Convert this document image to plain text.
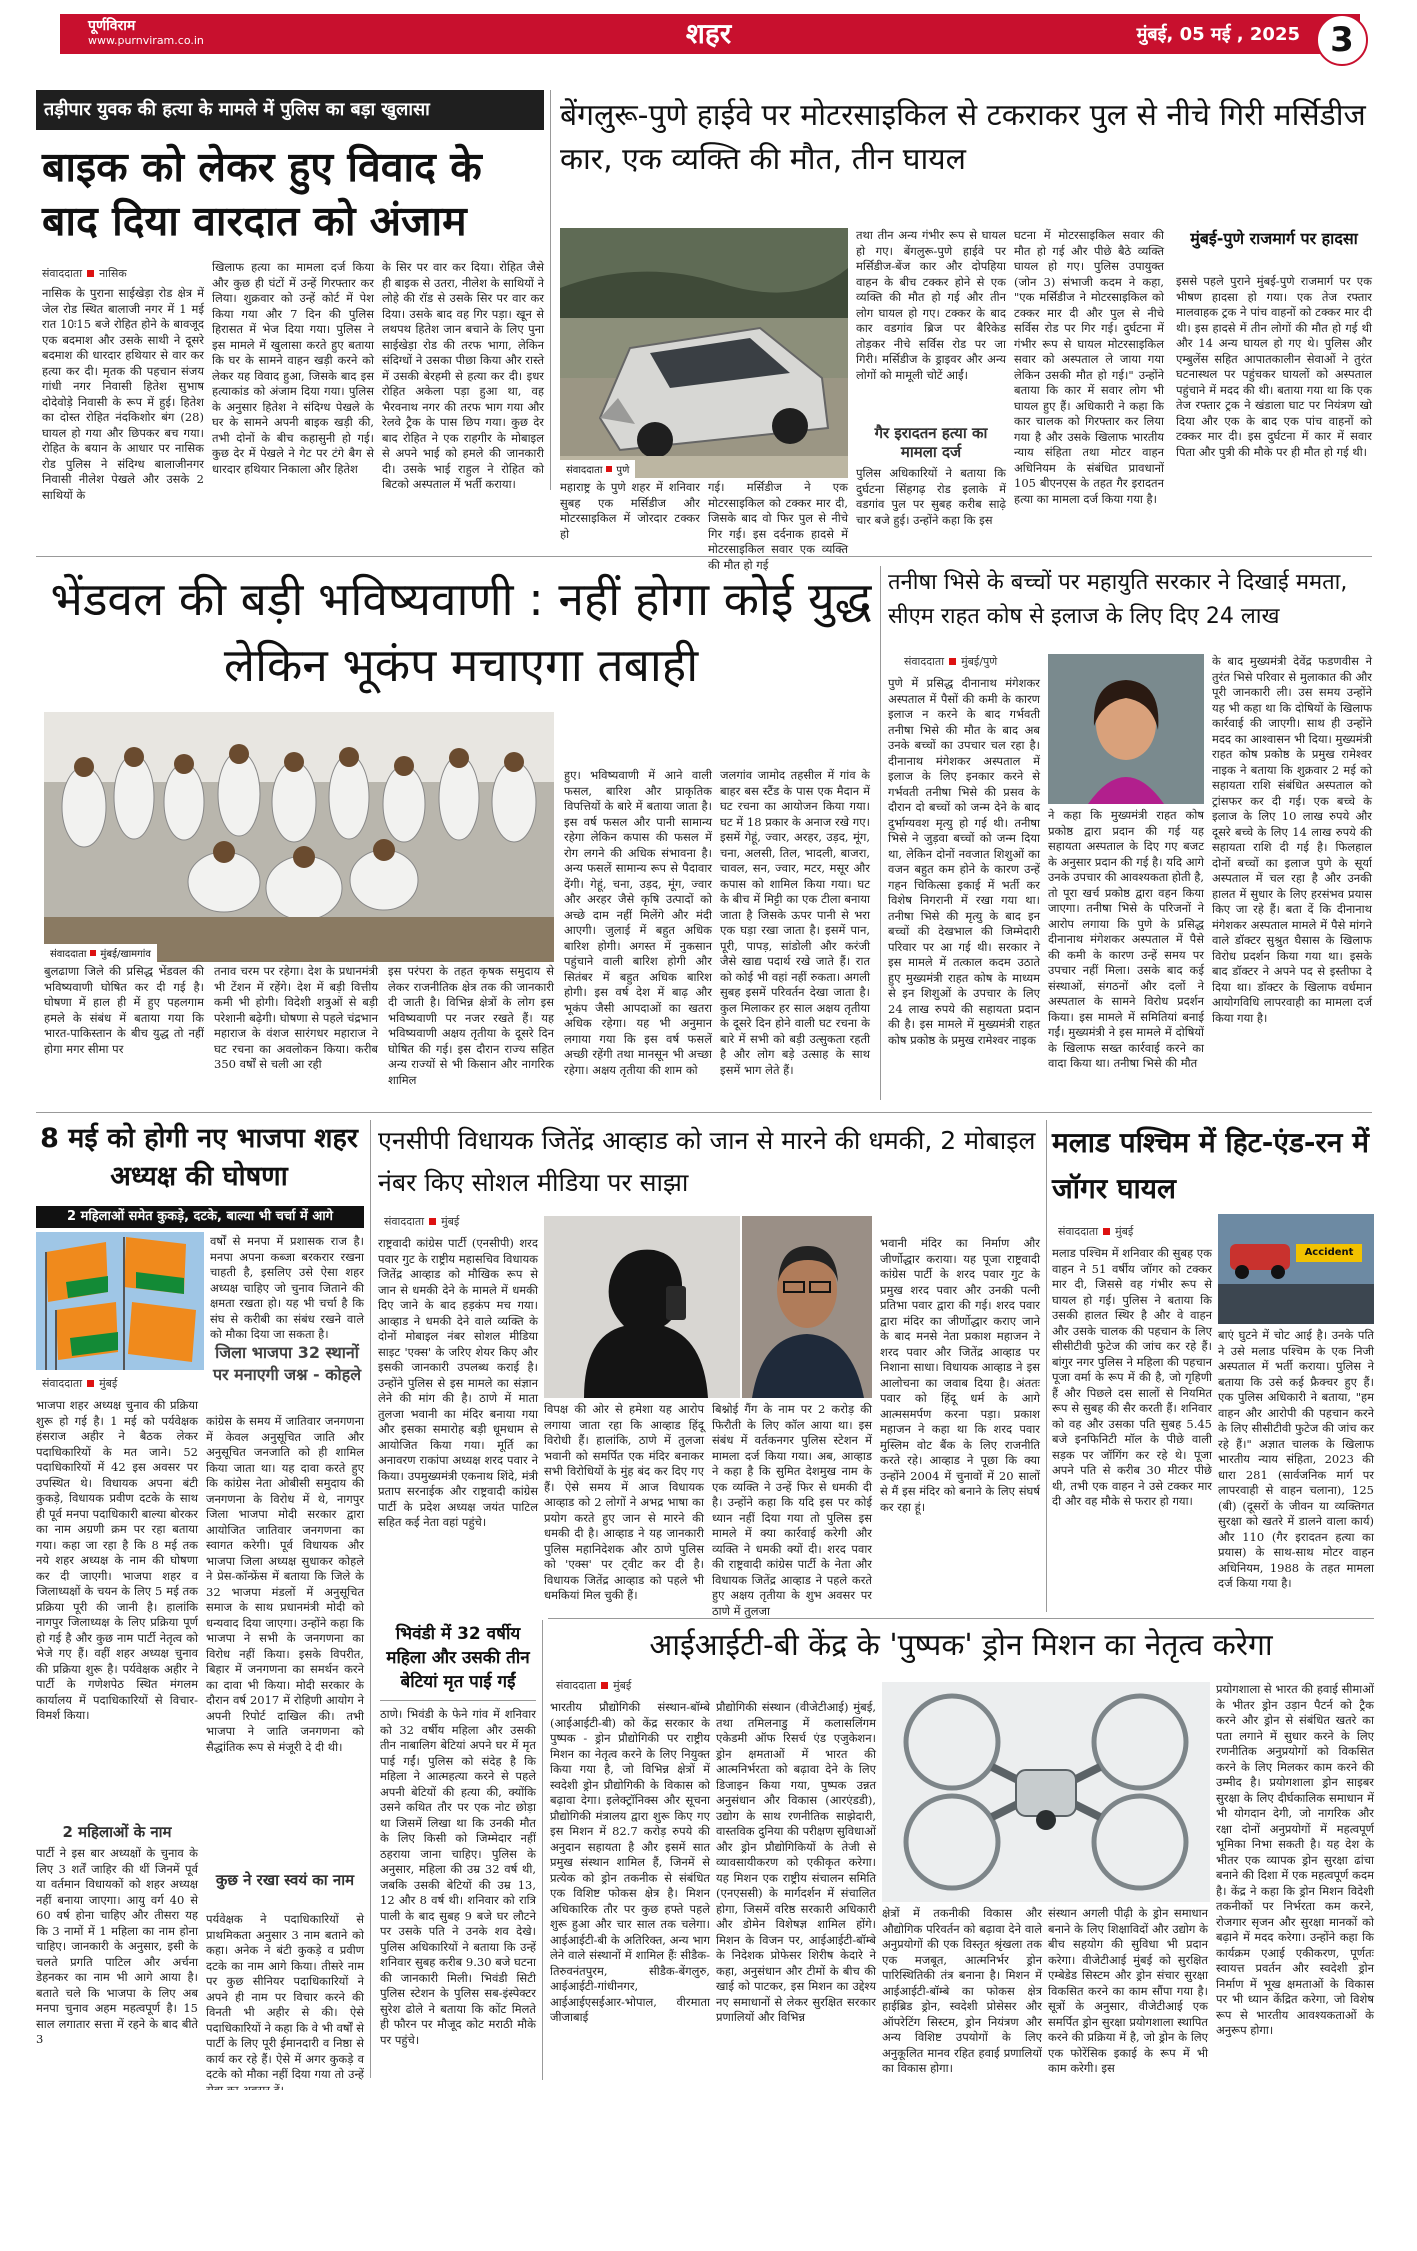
पूर्णविराम
www.purnviram.co.in	शहर	मुंबई, 05 मई , 2025 3
तड़ीपार युवक की हत्या के मामले में पुलिस का बड़ा खुलासा
बाइक को लेकर हुए विवाद के बाद दिया वारदात को अंजाम
संवाददाता नासिक
नासिक के पुराना साईखेड़ा रोड क्षेत्र में जेल रोड स्थित बालाजी नगर में 1 मई रात 10ः15 बजे रोहित होने के बावजूद एक बदमाश और उसके साथी ने दूसरे बदमाश की धारदार हथियार से वार कर हत्या कर दी। मृतक की पहचान संजय गांधी नगर निवासी हितेश सुभाष दोदेवोड़े निवासी के रूप में हुई। हितेश का दोस्त रोहित नंदकिशोर बंग (28) घायल हो गया और छिपकर बच गया। रोहित के बयान के आधार पर नासिक रोड पुलिस ने संदिग्ध बालाजीनगर निवासी नीलेश पेखले और उसके 2 साथियों के
खिलाफ हत्या का मामला दर्ज किया और कुछ ही घंटों में उन्हें गिरफ्तार कर लिया। शुक्रवार को उन्हें कोर्ट में पेश किया गया और 7 दिन की पुलिस हिरासत में भेज दिया गया। पुलिस ने इस मामले में खुलासा करते हुए बताया कि घर के सामने वाहन खड़ी करने को लेकर यह विवाद हुआ, जिसके बाद इस हत्याकांड को अंजाम दिया गया। पुलिस के अनुसार हितेश ने संदिग्ध पेखले के घर के सामने अपनी बाइक खड़ी की, तभी दोनों के बीच कहासुनी हो गई। कुछ देर में पेखले ने गेट पर टंगे बैग से धारदार हथियार निकाला और हितेश
के सिर पर वार कर दिया। रोहित जैसे ही बाइक से उतरा, नीलेश के साथियों ने लोहे की रॉड से उसके सिर पर वार कर दिया। उसके बाद वह गिर पड़ा। खून से लथपथ हितेश जान बचाने के लिए पुना साईखेड़ा रोड की तरफ भागा, लेकिन संदिग्धों ने उसका पीछा किया और रास्ते में उसकी बेरहमी से हत्या कर दी। इधर रोहित अकेला पड़ा हुआ था, वह भैरवनाथ नगर की तरफ भाग गया और रेलवे ट्रैक के पास छिप गया। कुछ देर बाद रोहित ने एक राहगीर के मोबाइल से अपने भाई को हमले की जानकारी दी। उसके भाई राहुल ने रोहित को बिटको अस्पताल में भर्ती कराया।
बेंगलुरू-पुणे हाईवे पर मोटरसाइकिल से टकराकर पुल से नीचे गिरी मर्सिडीज कार, एक व्यक्ति की मौत, तीन घायल
संवाददाता पुणे
महाराष्ट्र के पुणे शहर में शनिवार सुबह एक मर्सिडीज और मोटरसाइकिल में जोरदार टक्कर हो
गई। मर्सिडीज ने एक मोटरसाइकिल को टक्कर मार दी, जिसके बाद वो फिर पुल से नीचे गिर गई। इस दर्दनाक हादसे में मोटरसाइकिल सवार एक व्यक्ति की मौत हो गई
तथा तीन अन्य गंभीर रूप से घायल हो गए। बेंगलुरू-पुणे हाईवे पर मर्सिडीज-बेंज कार और दोपहिया वाहन के बीच टक्कर होने से एक व्यक्ति की मौत हो गई और तीन लोग घायल हो गए। टक्कर के बाद कार वडगांव ब्रिज पर बैरिकेड तोड़कर नीचे सर्विस रोड पर जा गिरी। मर्सिडीज के ड्राइवर और अन्य लोगों को मामूली चोटें आईं।
गैर इरादतन हत्या का मामला दर्ज
पुलिस अधिकारियों ने बताया कि दुर्घटना सिंहगढ़ रोड इलाके में वडगांव पुल पर सुबह करीब साढ़े चार बजे हुई। उन्होंने कहा कि इस
घटना में मोटरसाइकिल सवार की मौत हो गई और पीछे बैठे व्यक्ति घायल हो गए। पुलिस उपायुक्त (जोन 3) संभाजी कदम ने कहा, "एक मर्सिडीज ने मोटरसाइकिल को टक्कर मार दी और पुल से नीचे सर्विस रोड पर गिर गई। दुर्घटना में गंभीर रूप से घायल मोटरसाइकिल सवार को अस्पताल ले जाया गया लेकिन उसकी मौत हो गई।" उन्होंने बताया कि कार में सवार लोग भी घायल हुए हैं। अधिकारी ने कहा कि कार चालक को गिरफ्तार कर लिया गया है और उसके खिलाफ भारतीय न्याय संहिता तथा मोटर वाहन अधिनियम के संबंधित प्रावधानों 105 बीएनएस के तहत गैर इरादतन हत्या का मामला दर्ज किया गया है।
मुंबई-पुणे राजमार्ग पर हादसा
इससे पहले पुराने मुंबई-पुणे राजमार्ग पर एक भीषण हादसा हो गया। एक तेज रफ्तार मालवाहक ट्रक ने पांच वाहनों को टक्कर मार दी थी। इस हादसे में तीन लोगों की मौत हो गई थी और 14 अन्य घायल हो गए थे। पुलिस और एम्बुलेंस सहित आपातकालीन सेवाओं ने तुरंत घटनास्थल पर पहुंचकर घायलों को अस्पताल पहुंचाने में मदद की थी। बताया गया था कि एक तेज रफ्तार ट्रक ने खंडाला घाट पर नियंत्रण खो दिया और एक के बाद एक पांच वाहनों को टक्कर मार दी। इस दुर्घटना में कार में सवार पिता और पुत्री की मौके पर ही मौत हो गई थी।
भेंडवल की बड़ी भविष्यवाणी : नहीं होगा कोई युद्ध लेकिन भूकंप मचाएगा तबाही
संवाददाता मुंबई/खामगांव
बुलढाणा जिले की प्रसिद्ध भेंडवल की भविष्यवाणी घोषित कर दी गई है। घोषणा में हाल ही में हुए पहलगाम हमले के संबंध में बताया गया कि भारत-पाकिस्तान के बीच युद्ध तो नहीं होगा मगर सीमा पर
तनाव चरम पर रहेगा। देश के प्रधानमंत्री भी टेंशन में रहेंगे। देश में बड़ी वित्तीय कमी भी होगी। विदेशी शत्रुओं से बड़ी परेशानी बढ़ेगी। घोषणा से पहले चंद्रभान महाराज के वंशज सारंगधर महाराज ने घट रचना का अवलोकन किया। करीब 350 वर्षों से चली आ रही
इस परंपरा के तहत कृषक समुदाय से लेकर राजनीतिक क्षेत्र तक की जानकारी दी जाती है। विभिन्न क्षेत्रों के लोग इस भविष्यवाणी पर नजर रखते हैं। यह भविष्यवाणी अक्षय तृतीया के दूसरे दिन घोषित की गई। इस दौरान राज्य सहित अन्य राज्यों से भी किसान और नागरिक शामिल
हुए। भविष्यवाणी में आने वाली फसल, बारिश और प्राकृतिक विपत्तियों के बारे में बताया जाता है। इस वर्ष फसल और पानी सामान्य रहेगा लेकिन कपास की फसल में रोग लगने की अधिक संभावना है। अन्य फसलें सामान्य रूप से पैदावार देंगी। गेहूं, चना, उड़द, मूंग, ज्वार और अरहर जैसे कृषि उत्पादों को अच्छे दाम नहीं मिलेंगे और मंदी आएगी। जुलाई में बहुत अधिक बारिश होगी। अगस्त में नुकसान पहुंचाने वाली बारिश होगी और सितंबर में बहुत अधिक बारिश होगी। इस वर्ष देश में बाढ़ और भूकंप जैसी आपदाओं का खतरा अधिक रहेगा। यह भी अनुमान लगाया गया कि इस वर्ष फसलें अच्छी रहेंगी तथा मानसून भी अच्छा रहेगा। अक्षय तृतीया की शाम को
जलगांव जामोद तहसील में गांव के बाहर बस स्टैंड के पास एक मैदान में घट रचना का आयोजन किया गया। घट में 18 प्रकार के अनाज रखे गए। इसमें गेहूं, ज्वार, अरहर, उड़द, मूंग, चना, अलसी, तिल, भादली, बाजरा, चावल, सन, ज्वार, मटर, मसूर और कपास को शामिल किया गया। घट के बीच में मिट्टी का एक टीला बनाया जाता है जिसके ऊपर पानी से भरा एक घड़ा रखा जाता है। इसमें पान, पूरी, पापड़, सांडोली और करंजी जैसे खाद्य पदार्थ रखे जाते हैं। रात को कोई भी वहां नहीं रुकता। अगली सुबह इसमें परिवर्तन देखा जाता है। कुल मिलाकर हर साल अक्षय तृतीया के दूसरे दिन होने वाली घट रचना के बारे में सभी को बड़ी उत्सुकता रहती है और लोग बड़े उत्साह के साथ इसमें भाग लेते हैं।
तनीषा भिसे के बच्चों पर महायुति सरकार ने दिखाई ममता, सीएम राहत कोष से इलाज के लिए दिए 24 लाख
संवाददाता मुंबई/पुणे
पुणे में प्रसिद्ध दीनानाथ मंगेशकर अस्पताल में पैसों की कमी के कारण इलाज न करने के बाद गर्भवती तनीषा भिसे की मौत के बाद अब उनके बच्चों का उपचार चल रहा है। दीनानाथ मंगेशकर अस्पताल में इलाज के लिए इनकार करने से गर्भवती तनीषा भिसे की प्रसव के दौरान दो बच्चों को जन्म देने के बाद दुर्भाग्यवश मृत्यु हो गई थी। तनीषा भिसे ने जुड़वा बच्चों को जन्म दिया था, लेकिन दोनों नवजात शिशुओं का वजन बहुत कम होने के कारण उन्हें गहन चिकित्सा इकाई में भर्ती कर विशेष निगरानी में रखा गया था। तनीषा भिसे की मृत्यु के बाद इन बच्चों की देखभाल की जिम्मेदारी परिवार पर आ गई थी। सरकार ने इस मामले में तत्काल कदम उठाते हुए मुख्यमंत्री राहत कोष के माध्यम से इन शिशुओं के उपचार के लिए 24 लाख रुपये की सहायता प्रदान की है। इस मामले में मुख्यमंत्री राहत कोष प्रकोष्ठ के प्रमुख रामेश्वर नाइक
ने कहा कि मुख्यमंत्री राहत कोष प्रकोष्ठ द्वारा प्रदान की गई यह सहायता अस्पताल के दिए गए बजट के अनुसार प्रदान की गई है। यदि आगे उनके उपचार की आवश्यकता होती है, तो पूरा खर्च प्रकोष्ठ द्वारा वहन किया जाएगा। तनीषा भिसे के परिजनों ने आरोप लगाया कि पुणे के प्रसिद्ध दीनानाथ मंगेशकर अस्पताल में पैसे की कमी के कारण उन्हें समय पर उपचार नहीं मिला। उसके बाद कई संस्थाओं, संगठनों और दलों ने अस्पताल के सामने विरोध प्रदर्शन किया। इस मामले में समितियां बनाई गईं। मुख्यमंत्री ने इस मामले में दोषियों के खिलाफ सख्त कार्रवाई करने का वादा किया था। तनीषा भिसे की मौत
के बाद मुख्यमंत्री देवेंद्र फडणवीस ने तुरंत भिसे परिवार से मुलाकात की और पूरी जानकारी ली। उस समय उन्होंने यह भी कहा था कि दोषियों के खिलाफ कार्रवाई की जाएगी। साथ ही उन्होंने मदद का आश्वासन भी दिया। मुख्यमंत्री राहत कोष प्रकोष्ठ के प्रमुख रामेश्वर नाइक ने बताया कि शुक्रवार 2 मई को सहायता राशि संबंधित अस्पताल को ट्रांसफर कर दी गई। एक बच्चे के इलाज के लिए 10 लाख रुपये और दूसरे बच्चे के लिए 14 लाख रुपये की सहायता राशि दी गई है। फिलहाल दोनों बच्चों का इलाज पुणे के सूर्या अस्पताल में चल रहा है और उनकी हालत में सुधार के लिए हरसंभव प्रयास किए जा रहे हैं। बता दें कि दीनानाथ मंगेशकर अस्पताल मामले में पैसे मांगने वाले डॉक्टर सुश्रुत घैसास के खिलाफ विरोध प्रदर्शन किया गया था। इसके बाद डॉक्टर ने अपने पद से इस्तीफा दे दिया था। डॉक्टर के खिलाफ वर्धमान आयोगविधि लापरवाही का मामला दर्ज किया गया है।
8 मई को होगी नए भाजपा शहर अध्यक्ष की घोषणा
2 महिलाओं समेत कुकड़े, दटके, बाल्या भी चर्चा में आगे
वर्षों से मनपा में प्रशासक राज है। मनपा अपना कब्जा बरकरार रखना चाहती है, इसलिए उसे ऐसा शहर अध्यक्ष चाहिए जो चुनाव जिताने की क्षमता रखता हो। यह भी चर्चा है कि संघ से करीबी का संबंध रखने वाले को मौका दिया जा सकता है।
जिला भाजपा 32 स्थानों पर मनाएगी जश्न - कोहले
संवाददाता मुंबई
भाजपा शहर अध्यक्ष चुनाव की प्रक्रिया शुरू हो गई है। 1 मई को पर्यवेक्षक हंसराज अहीर ने बैठक लेकर पदाधिकारियों के मत जाने। 52 पदाधिकारियों में 42 इस अवसर पर उपस्थित थे। विधायक अपना बंटी कुकड़े, विधायक प्रवीण दटके के साथ ही पूर्व मनपा पदाधिकारी बाल्या बोरकर का नाम अग्रणी क्रम पर रहा बताया गया। कहा जा रहा है कि 8 मई तक नये शहर अध्यक्ष के नाम की घोषणा कर दी जाएगी। भाजपा शहर व जिलाध्यक्षों के चयन के लिए 5 मई तक प्रक्रिया पूरी की जानी है। हालांकि नागपुर जिलाध्यक्ष के लिए प्रक्रिया पूर्ण हो गई है और कुछ नाम पार्टी नेतृत्व को भेजे गए हैं। वहीं शहर अध्यक्ष चुनाव की प्रक्रिया शुरू है। पर्यवेक्षक अहीर ने पार्टी के गणेशपेठ स्थित मंगलम कार्यालय में पदाधिकारियों से विचार-विमर्श किया।
2 महिलाओं के नाम
पार्टी ने इस बार अध्यक्षों के चुनाव के लिए 3 शर्तें जाहिर की थीं जिनमें पूर्व या वर्तमान विधायकों को शहर अध्यक्ष नहीं बनाया जाएगा। आयु वर्ग 40 से 60 वर्ष होना चाहिए और तीसरा यह कि 3 नामों में 1 महिला का नाम होना चाहिए। जानकारी के अनुसार, इसी के चलते प्रगति पाटिल और अर्चना डेहनकर का नाम भी आगे आया है। बताते चले कि भाजपा के लिए अब मनपा चुनाव अहम महत्वपूर्ण है। 15 साल लगातार सत्ता में रहने के बाद बीते 3
कांग्रेस के समय में जातिवार जनगणना में केवल अनुसूचित जाति और अनुसूचित जनजाति को ही शामिल किया जाता था। यह दावा करते हुए कि कांग्रेस नेता ओबीसी समुदाय की जनगणना के विरोध में थे, नागपुर जिला भाजपा मोदी सरकार द्वारा आयोजित जातिवार जनगणना का स्वागत करेगी। पूर्व विधायक और भाजपा जिला अध्यक्ष सुधाकर कोहले ने प्रेस-कॉन्फ्रेंस में बताया कि जिले के 32 भाजपा मंडलों में अनुसूचित समाज के साथ प्रधानमंत्री मोदी को धन्यवाद दिया जाएगा। उन्होंने कहा कि भाजपा ने सभी के जनगणना का विरोध नहीं किया। इसके विपरीत, बिहार में जनगणना का समर्थन करने का दावा भी किया। मोदी सरकार के दौरान वर्ष 2017 में रोहिणी आयोग ने अपनी रिपोर्ट दाखिल की। तभी भाजपा ने जाति जनगणना को सैद्धांतिक रूप से मंजूरी दे दी थी।
कुछ ने रखा स्वयं का नाम
पर्यवेक्षक ने पदाधिकारियों से प्राथमिकता अनुसार 3 नाम बताने को कहा। अनेक ने बंटी कुकड़े व प्रवीण दटके का नाम आगे किया। तीसरे नाम पर कुछ सीनियर पदाधिकारियों ने अपने ही नाम पर विचार करने की विनती भी अहीर से की। ऐसे पदाधिकारियों ने कहा कि वे भी वर्षों से पार्टी के लिए पूरी ईमानदारी व निष्ठा से कार्य कर रहे हैं। ऐसे में अगर कुकड़े व दटके को मौका नहीं दिया गया तो उन्हें
एनसीपी विधायक जितेंद्र आव्हाड को जान से मारने की धमकी, 2 मोबाइल नंबर किए सोशल मीडिया पर साझा
संवाददाता मुंबई
राष्ट्रवादी कांग्रेस पार्टी (एनसीपी) शरद पवार गुट के राष्ट्रीय महासचिव विधायक जितेंद्र आव्हाड को मौखिक रूप से जान से धमकी देने के मामले में धमकी दिए जाने के बाद हड़कंप मच गया। आव्हाड ने धमकी देने वाले व्यक्ति के दोनों मोबाइल नंबर सोशल मीडिया साइट 'एक्स' के जरिए शेयर किए और इसकी जानकारी उपलब्ध कराई है। उन्होंने पुलिस से इस मामले का संज्ञान लेने की मांग की है। ठाणे में माता तुलजा भवानी का मंदिर बनाया गया और इसका समारोह बड़ी धूमधाम से आयोजित किया गया। मूर्ति का अनावरण राकांपा अध्यक्ष शरद पवार ने किया। उपमुख्यमंत्री एकनाथ शिंदे, मंत्री प्रताप सरनाईक और राष्ट्रवादी कांग्रेस पार्टी के प्रदेश अध्यक्ष जयंत पाटिल सहित कई नेता वहां पहुंचे।
विपक्ष की ओर से हमेशा यह आरोप लगाया जाता रहा कि आव्हाड हिंदू विरोधी हैं। हालांकि, ठाणे में तुलजा भवानी को समर्पित एक मंदिर बनाकर सभी विरोधियों के मुंह बंद कर दिए गए हैं। ऐसे समय में आज विधायक आव्हाड को 2 लोगों ने अभद्र भाषा का प्रयोग करते हुए जान से मारने की धमकी दी है। आव्हाड ने यह जानकारी पुलिस महानिदेशक और ठाणे पुलिस को 'एक्स' पर ट्वीट कर दी है। विधायक जितेंद्र आव्हाड को पहले भी धमकियां मिल चुकी हैं।
बिश्नोई गैंग के नाम पर 2 करोड़ की फिरौती के लिए कॉल आया था। इस संबंध में वर्तकनगर पुलिस स्टेशन में मामला दर्ज किया गया। अब, आव्हाड ने कहा है कि सुमित देशमुख नाम के एक व्यक्ति ने उन्हें फिर से धमकी दी है। उन्होंने कहा कि यदि इस पर कोई ध्यान नहीं दिया गया तो पुलिस इस मामले में क्या कार्रवाई करेगी और व्यक्ति ने धमकी क्यों दी। शरद पवार की राष्ट्रवादी कांग्रेस पार्टी के नेता और विधायक जितेंद्र आव्हाड ने पहले करते हुए अक्षय तृतीया के शुभ अवसर पर ठाणे में तुलजा
भवानी मंदिर का निर्माण और जीर्णोद्धार कराया। यह पूजा राष्ट्रवादी कांग्रेस पार्टी के शरद पवार गुट के प्रमुख शरद पवार और उनकी पत्नी प्रतिभा पवार द्वारा की गई। शरद पवार द्वारा मंदिर का जीर्णोद्धार कराए जाने के बाद मनसे नेता प्रकाश महाजन ने शरद पवार और जितेंद्र आव्हाड पर निशाना साधा। विधायक आव्हाड ने इस आलोचना का जवाब दिया है। अंततः पवार को हिंदू धर्म के आगे आत्मसमर्पण करना पड़ा। प्रकाश महाजन ने कहा था कि शरद पवार मुस्लिम वोट बैंक के लिए राजनीति करते रहे। आव्हाड ने पूछा कि क्या उन्होंने 2004 में चुनावों में 20 सालों से मैं इस मंदिर को बनाने के लिए संघर्ष कर रहा हूं।
मलाड पश्चिम में हिट-एंड-रन में जॉगर घायल
संवाददाता मुंबई
मलाड पश्चिम में शनिवार की सुबह एक वाहन ने 51 वर्षीय जॉगर को टक्कर मार दी, जिससे वह गंभीर रूप से घायल हो गई। पुलिस ने बताया कि उसकी हालत स्थिर है और वे वाहन और उसके चालक की पहचान के लिए सीसीटीवी फुटेज की जांच कर रहे हैं। बांगुर नगर पुलिस ने महिला की पहचान पूजा वर्मा के रूप में की है, जो गृहिणी हैं और पिछले दस सालों से नियमित रूप से सुबह की सैर करती हैं। शनिवार को वह और उसका पति सुबह 5.45 बजे इनफिनिटी मॉल के पीछे वाली सड़क पर जॉगिंग कर रहे थे। पूजा अपने पति से करीब 30 मीटर पीछे थी, तभी एक वाहन ने उसे टक्कर मार दी और वह मौके से फरार हो गया।
Accident
बाएं घुटने में चोट आई है। उनके पति ने उसे मलाड पश्चिम के एक निजी अस्पताल में भर्ती कराया। पुलिस ने बताया कि उसे कई फ्रैक्चर हुए हैं। एक पुलिस अधिकारी ने बताया, "हम वाहन और आरोपी की पहचान करने के लिए सीसीटीवी फुटेज की जांच कर रहे हैं।" अज्ञात चालक के खिलाफ भारतीय न्याय संहिता, 2023 की धारा 281 (सार्वजनिक मार्ग पर लापरवाही से वाहन चलाना), 125 (बी) (दूसरों के जीवन या व्यक्तिगत सुरक्षा को खतरे में डालने वाला कार्य) और 110 (गैर इरादतन हत्या का प्रयास) के साथ-साथ मोटर वाहन अधिनियम, 1988 के तहत मामला दर्ज किया गया है।
भिवंडी में 32 वर्षीय महिला और उसकी तीन बेटियां मृत पाई गईं
ठाणे। भिवंडी के फेने गांव में शनिवार को 32 वर्षीय महिला और उसकी तीन नाबालिग बेटियां अपने घर में मृत पाई गईं। पुलिस को संदेह है कि महिला ने आत्महत्या करने से पहले अपनी बेटियों की हत्या की, क्योंकि उसने कथित तौर पर एक नोट छोड़ा था जिसमें लिखा था कि उनकी मौत के लिए किसी को जिम्मेदार नहीं ठहराया जाना चाहिए। पुलिस के अनुसार, महिला की उम्र 32 वर्ष थी, जबकि उसकी बेटियों की उम्र 13, 12 और 8 वर्ष थी। शनिवार को रात्रि पाली के बाद सुबह 9 बजे घर लौटने पर उसके पति ने उनके शव देखे। पुलिस अधिकारियों ने बताया कि उन्हें शनिवार सुबह करीब 9.30 बजे घटना की जानकारी मिली। भिवंडी सिटी पुलिस स्टेशन के पुलिस सब-इंस्पेक्टर सुरेश ढोले ने बताया कि कोंट मिलते ही फौरन पर मौजूद कोट मराठी मौके पर पहुंचे।
आईआईटी-बी केंद्र के 'पुष्पक' ड्रोन मिशन का नेतृत्व करेगा
संवाददाता मुंबई
भारतीय प्रौद्योगिकी संस्थान-बॉम्बे (आईआईटी-बी) को केंद्र सरकार के पुष्पक - ड्रोन प्रौद्योगिकी पर राष्ट्रीय मिशन का नेतृत्व करने के लिए नियुक्त किया गया है, जो विभिन्न क्षेत्रों में स्वदेशी ड्रोन प्रौद्योगिकी के विकास को बढ़ावा देगा। इलेक्ट्रॉनिक्स और सूचना प्रौद्योगिकी मंत्रालय द्वारा शुरू किए गए इस मिशन में 82.7 करोड़ रुपये की अनुदान सहायता है और इसमें सात प्रमुख संस्थान शामिल हैं, जिनमें से प्रत्येक को ड्रोन तकनीक से संबंधित एक विशिष्ट फोकस क्षेत्र है। मिशन अधिकारिक तौर पर कुछ हफ्ते पहले शुरू हुआ और चार साल तक चलेगा। आईआईटी-बी के अतिरिक्त, अन्य भाग लेने वाले संस्थानों में शामिल हैंः सीडैक-तिरुवनंतपुरम, सीडैक-बेंगलुरु, आईआईटी-गांधीनगर, आईआईएसईआर-भोपाल, वीरमाता जीजाबाई
प्रौद्योगिकी संस्थान (वीजेटीआई) मुंबई, तथा तमिलनाडु में कलासलिंगम एकेडमी ऑफ रिसर्च एंड एजुकेशन। ड्रोन क्षमताओं में भारत की आत्मनिर्भरता को बढ़ावा देने के लिए डिजाइन किया गया, पुष्पक उन्नत अनुसंधान और विकास (आरएंडडी), उद्योग के साथ रणनीतिक साझेदारी, वास्तविक दुनिया की परीक्षण सुविधाओं और ड्रोन प्रौद्योगिकियों के तेजी से व्यावसायीकरण को एकीकृत करेगा। यह मिशन एक राष्ट्रीय संचालन समिति (एनएससी) के मार्गदर्शन में संचालित होगा, जिसमें वरिष्ठ सरकारी अधिकारी और डोमेन विशेषज्ञ शामिल होंगे। मिशन के विजन पर, आईआईटी-बॉम्बे के निदेशक प्रोफेसर शिरीष केदारे ने कहा, अनुसंधान और टीमों के बीच की खाई को पाटकर, इस मिशन का उद्देश्य नए समाधानों से लेकर सुरक्षित सरकार प्रणालियों और विभिन्न
क्षेत्रों में तकनीकी विकास और औद्योगिक परिवर्तन को बढ़ावा देने वाले अनुप्रयोगों की एक विस्तृत श्रृंखला तक एक मजबूत, आत्मनिर्भर ड्रोन पारिस्थितिकी तंत्र बनाना है। मिशन में आईआईटी-बॉम्बे का फोकस क्षेत्र हाईब्रिड ड्रोन, स्वदेशी प्रोसेसर और ऑपरेटिंग सिस्टम, ड्रोन नियंत्रण और अन्य विशिष्ट उपयोगों के लिए अनुकूलित मानव रहित हवाई प्रणालियों का विकास होगा।
संस्थान अगली पीढ़ी के ड्रोन समाधान बनाने के लिए शिक्षाविदों और उद्योग के बीच सहयोग की सुविधा भी प्रदान करेगा। वीजेटीआई मुंबई को सुरक्षित एम्बेडेड सिस्टम और ड्रोन संचार सुरक्षा विकसित करने का काम सौंपा गया है। सूत्रों के अनुसार, वीजेटीआई एक समर्पित ड्रोन सुरक्षा प्रयोगशाला स्थापित करने की प्रक्रिया में है, जो ड्रोन के लिए एक फोरेंसिक इकाई के रूप में भी काम करेगी। इस
प्रयोगशाला से भारत की हवाई सीमाओं के भीतर ड्रोन उड़ान पैटर्न को ट्रैक करने और ड्रोन से संबंधित खतरे का पता लगाने में सुधार करने के लिए रणनीतिक अनुप्रयोगों को विकसित करने के लिए मिलकर काम करने की उम्मीद है। प्रयोगशाला ड्रोन साइबर सुरक्षा के लिए दीर्घकालिक समाधान में भी योगदान देगी, जो नागरिक और रक्षा दोनों अनुप्रयोगों में महत्वपूर्ण भूमिका निभा सकती है। यह देश के भीतर एक व्यापक ड्रोन सुरक्षा ढांचा बनाने की दिशा में एक महत्वपूर्ण कदम है। केंद्र ने कहा कि ड्रोन मिशन विदेशी तकनीकों पर निर्भरता कम करने, रोजगार सृजन और सुरक्षा मानकों को बढ़ाने में मदद करेगा। उन्होंने कहा कि कार्यक्रम एआई एकीकरण, पूर्णतः स्वायत्त प्रवर्तन और स्वदेशी ड्रोन निर्माण में भूख क्षमताओं के विकास पर भी ध्यान केंद्रित करेगा, जो विशेष रूप से भारतीय आवश्यकताओं के अनुरूप होगा।
